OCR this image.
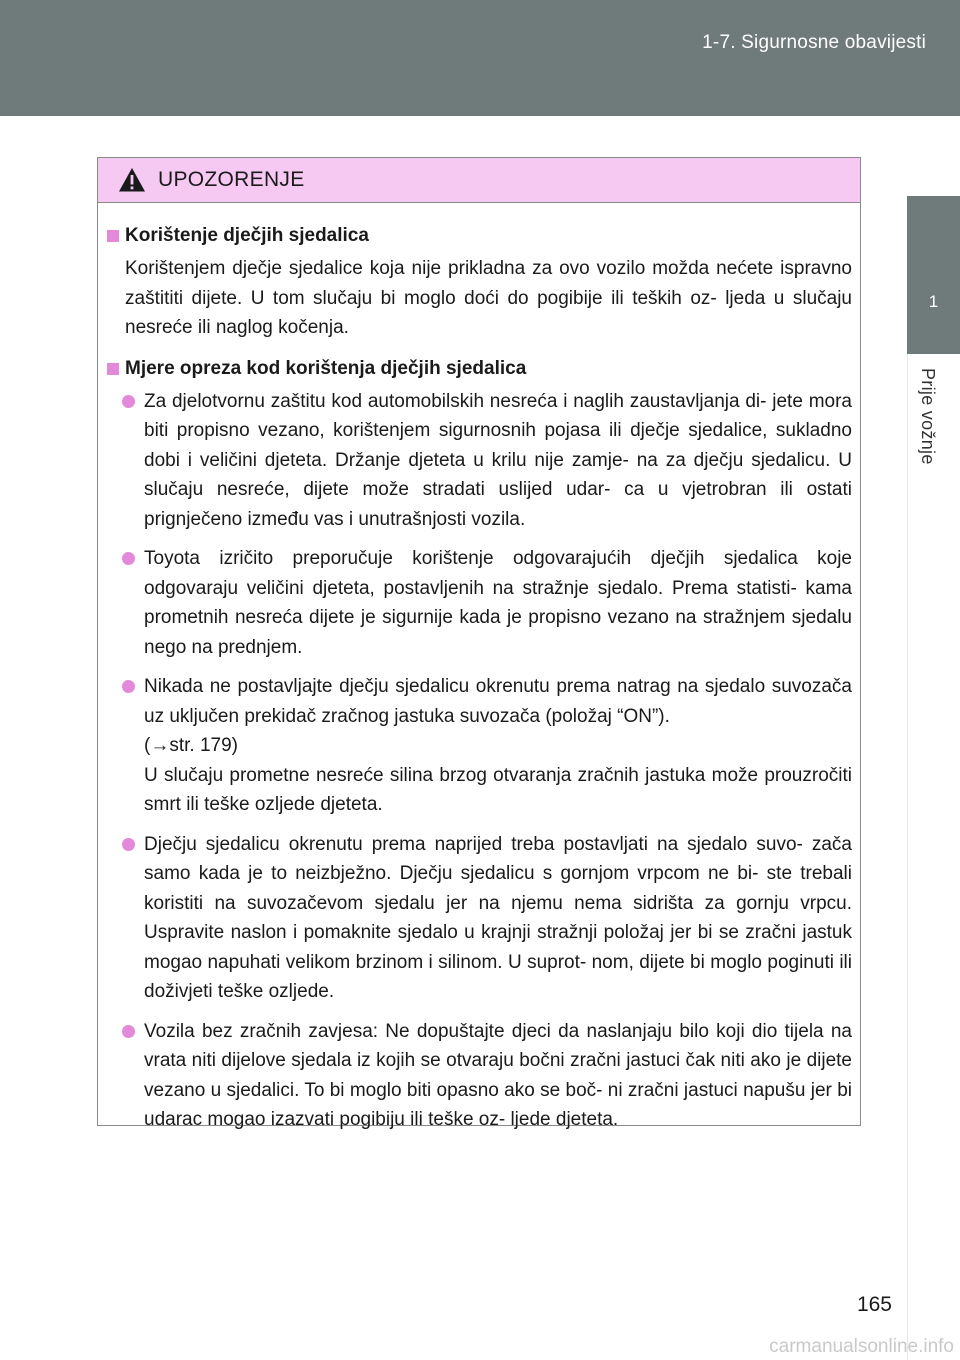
1-7. Sigurnosne obavijesti
1
Prije vožnje
UPOZORENJE
Korištenje dječjih sjedalica

Korištenjem dječje sjedalice koja nije prikladna za ovo vozilo možda nećete ispravno zaštititi dijete. U tom slučaju bi moglo doći do pogibije ili teških oz- ljeda u slučaju nesreće ili naglog kočenja.

Mjere opreza kod korištenja dječjih sjedalica
Za djelotvornu zaštitu kod automobilskih nesreća i naglih zaustavljanja di- jete mora biti propisno vezano, korištenjem sigurnosnih pojasa ili dječje sjedalice, sukladno dobi i veličini djeteta. Držanje djeteta u krilu nije zamje- na za dječju sjedalicu. U slučaju nesreće, dijete može stradati uslijed udar- ca u vjetrobran ili ostati prignječeno između vas i unutrašnjosti vozila.
Toyota izričito preporučuje korištenje odgovarajućih dječjih sjedalica koje odgovaraju veličini djeteta, postavljenih na stražnje sjedalo. Prema statisti- kama prometnih nesreća dijete je sigurnije kada je propisno vezano na stražnjem sjedalu nego na prednjem.
Nikada ne postavljajte dječju sjedalicu okrenutu prema natrag na sjedalo suvozača uz uključen prekidač zračnog jastuka suvozača (položaj “ON”).
(→str. 179)
U slučaju prometne nesreće silina brzog otvaranja zračnih jastuka može prouzročiti smrt ili teške ozljede djeteta.
Dječju sjedalicu okrenutu prema naprijed treba postavljati na sjedalo suvo- zača samo kada je to neizbježno. Dječju sjedalicu s gornjom vrpcom ne bi- ste trebali koristiti na suvozačevom sjedalu jer na njemu nema sidrišta za gornju vrpcu. Uspravite naslon i pomaknite sjedalo u krajnji stražnji položaj jer bi se zračni jastuk mogao napuhati velikom brzinom i silinom. U suprot- nom, dijete bi moglo poginuti ili doživjeti teške ozljede.
Vozila bez zračnih zavjesa: Ne dopuštajte djeci da naslanjaju bilo koji dio tijela na vrata niti dijelove sjedala iz kojih se otvaraju bočni zračni jastuci čak niti ako je dijete vezano u sjedalici. To bi moglo biti opasno ako se boč- ni zračni jastuci napušu jer bi udarac mogao izazvati pogibiju ili teške oz- ljede djeteta.
165
carmanualsonline.info
